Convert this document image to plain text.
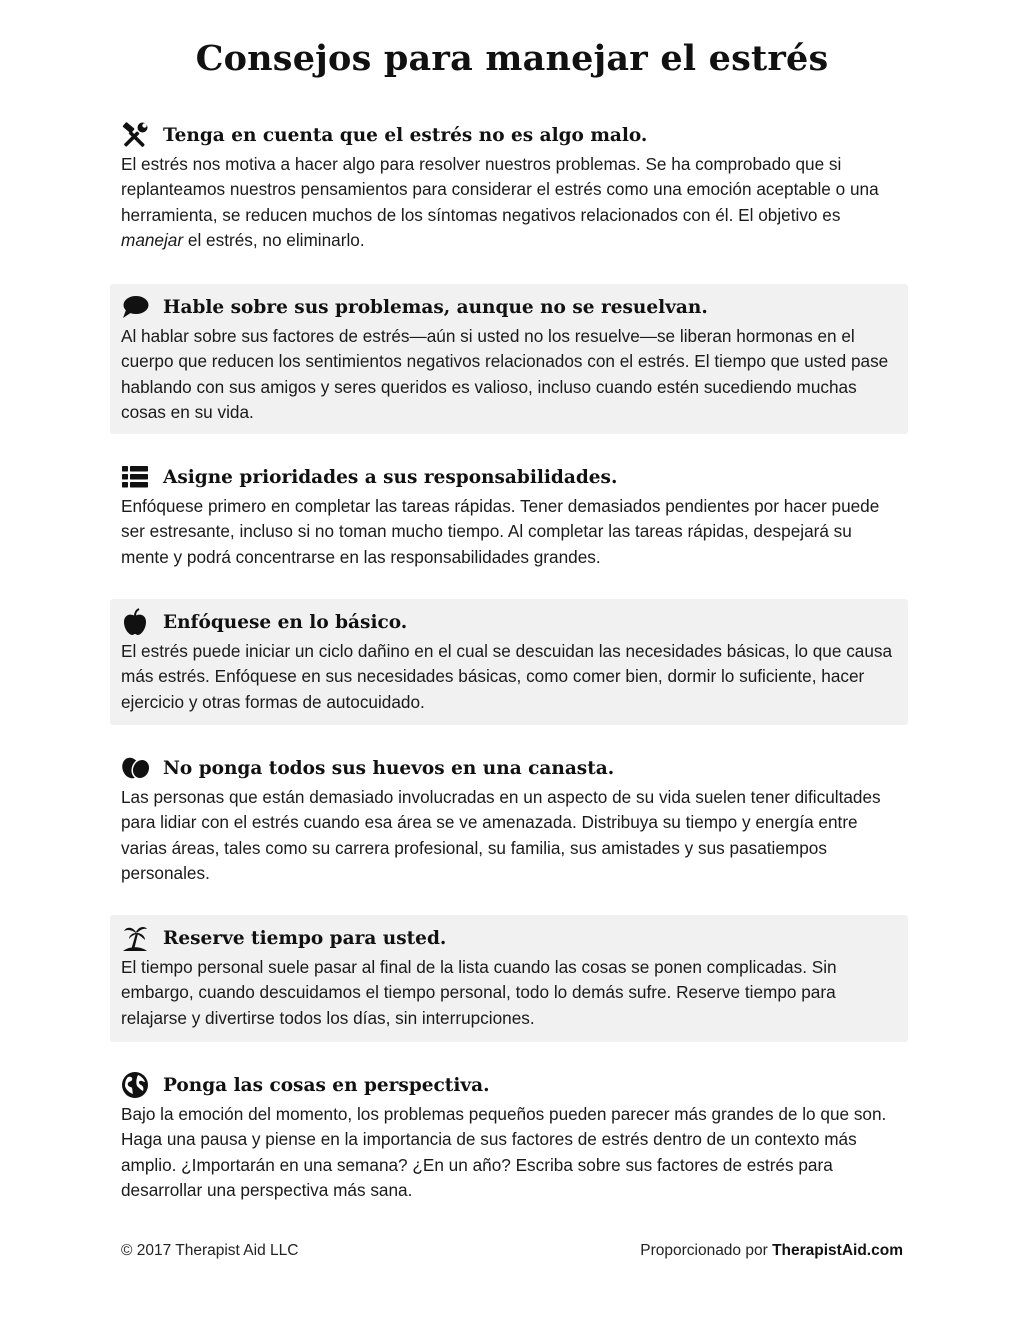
Consejos para manejar el estrés
Tenga en cuenta que el estrés no es algo malo.

El estrés nos motiva a hacer algo para resolver nuestros problemas. Se ha comprobado que si replanteamos nuestros pensamientos para considerar el estrés como una emoción aceptable o una herramienta, se reducen muchos de los síntomas negativos relacionados con él. El objetivo es manejar el estrés, no eliminarlo.

Hable sobre sus problemas, aunque no se resuelvan.

Al hablar sobre sus factores de estrés—aún si usted no los resuelve—se liberan hormonas en el cuerpo que reducen los sentimientos negativos relacionados con el estrés. El tiempo que usted pase hablando con sus amigos y seres queridos es valioso, incluso cuando estén sucediendo muchas cosas en su vida.

Asigne prioridades a sus responsabilidades.

Enfóquese primero en completar las tareas rápidas. Tener demasiados pendientes por hacer puede ser estresante, incluso si no toman mucho tiempo. Al completar las tareas rápidas, despejará su mente y podrá concentrarse en las responsabilidades grandes.

Enfóquese en lo básico.

El estrés puede iniciar un ciclo dañino en el cual se descuidan las necesidades básicas, lo que causa más estrés. Enfóquese en sus necesidades básicas, como comer bien, dormir lo suficiente, hacer ejercicio y otras formas de autocuidado.

No ponga todos sus huevos en una canasta.

Las personas que están demasiado involucradas en un aspecto de su vida suelen tener dificultades para lidiar con el estrés cuando esa área se ve amenazada. Distribuya su tiempo y energía entre varias áreas, tales como su carrera profesional, su familia, sus amistades y sus pasatiempos personales.

Reserve tiempo para usted.

El tiempo personal suele pasar al final de la lista cuando las cosas se ponen complicadas. Sin embargo, cuando descuidamos el tiempo personal, todo lo demás sufre. Reserve tiempo para relajarse y divertirse todos los días, sin interrupciones.

Ponga las cosas en perspectiva.

Bajo la emoción del momento, los problemas pequeños pueden parecer más grandes de lo que son. Haga una pausa y piense en la importancia de sus factores de estrés dentro de un contexto más amplio. ¿Importarán en una semana? ¿En un año? Escriba sobre sus factores de estrés para desarrollar una perspectiva más sana.

© 2017 Therapist Aid LLC	Proporcionado por TherapistAid.com
